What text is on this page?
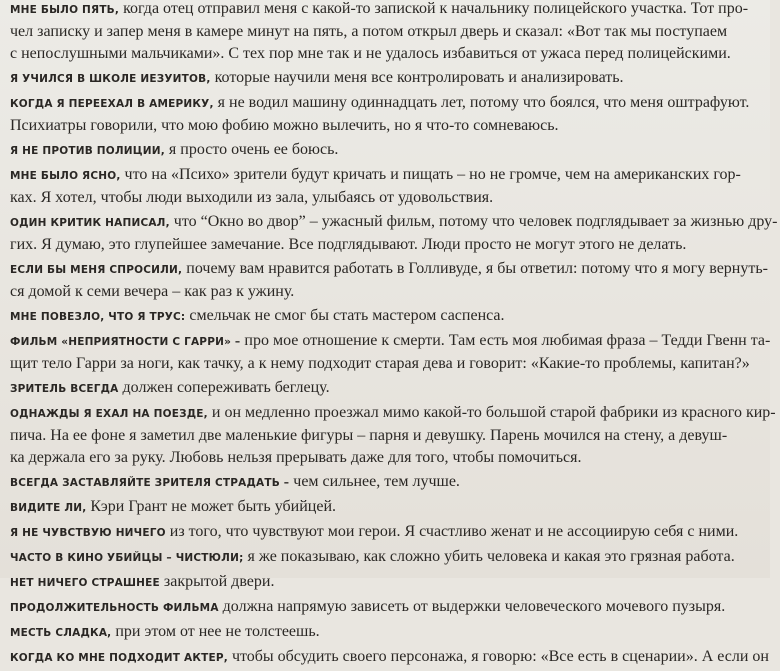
МНЕ БЫЛО ПЯТЬ, когда отец отправил меня с какой-то запиской к начальнику полицейского участка. Тот про-
чел записку и запер меня в камере минут на пять, а потом открыл дверь и сказал: «Вот так мы поступаем
с непослушными мальчиками». С тех пор мне так и не удалось избавиться от ужаса перед полицейскими.

Я УЧИЛСЯ В ШКОЛЕ ИЕЗУИТОВ, которые научили меня все контролировать и анализировать.

КОГДА Я ПЕРЕЕХАЛ В АМЕРИКУ, я не водил машину одиннадцать лет, потому что боялся, что меня оштрафуют.
Психиатры говорили, что мою фобию можно вылечить, но я что-то сомневаюсь.

Я НЕ ПРОТИВ ПОЛИЦИИ, я просто очень ее боюсь.

МНЕ БЫЛО ЯСНО, что на «Психо» зрители будут кричать и пищать – но не громче, чем на американских гор-
ках. Я хотел, чтобы люди выходили из зала, улыбаясь от удовольствия.

ОДИН КРИТИК НАПИСАЛ, что “Окно во двор” – ужасный фильм, потому что человек подглядывает за жизнью дру-
гих. Я думаю, это глупейшее замечание. Все подглядывают. Люди просто не могут этого не делать.

ЕСЛИ БЫ МЕНЯ СПРОСИЛИ, почему вам нравится работать в Голливуде, я бы ответил: потому что я могу вернуть-
ся домой к семи вечера – как раз к ужину.

МНЕ ПОВЕЗЛО, ЧТО Я ТРУС: смельчак не смог бы стать мастером саспенса.

ФИЛЬМ «НЕПРИЯТНОСТИ С ГАРРИ» – про мое отношение к смерти. Там есть моя любимая фраза – Тедди Гвенн та-
щит тело Гарри за ноги, как тачку, а к нему подходит старая дева и говорит: «Какие-то проблемы, капитан?»

ЗРИТЕЛЬ ВСЕГДА должен сопереживать беглецу.

ОДНАЖДЫ Я ЕХАЛ НА ПОЕЗДЕ, и он медленно проезжал мимо какой-то большой старой фабрики из красного кир-
пича. На ее фоне я заметил две маленькие фигуры – парня и девушку. Парень мочился на стену, а девуш-
ка держала его за руку. Любовь нельзя прерывать даже для того, чтобы помочиться.

ВСЕГДА ЗАСТАВЛЯЙТЕ ЗРИТЕЛЯ СТРАДАТЬ – чем сильнее, тем лучше.

ВИДИТЕ ЛИ, Кэри Грант не может быть убийцей.

Я НЕ ЧУВСТВУЮ НИЧЕГО из того, что чувствуют мои герои. Я счастливо женат и не ассоциирую себя с ними.

ЧАСТО В КИНО УБИЙЦЫ – ЧИСТЮЛИ; я же показываю, как сложно убить человека и какая это грязная работа.

НЕТ НИЧЕГО СТРАШНЕЕ закрытой двери.

ПРОДОЛЖИТЕЛЬНОСТЬ ФИЛЬМА должна напрямую зависеть от выдержки человеческого мочевого пузыря.

МЕСТЬ СЛАДКА, при этом от нее не толстеешь.

КОГДА КО МНЕ ПОДХОДИТ АКТЕР, чтобы обсудить своего персонажа, я говорю: «Все есть в сценарии». А если он
